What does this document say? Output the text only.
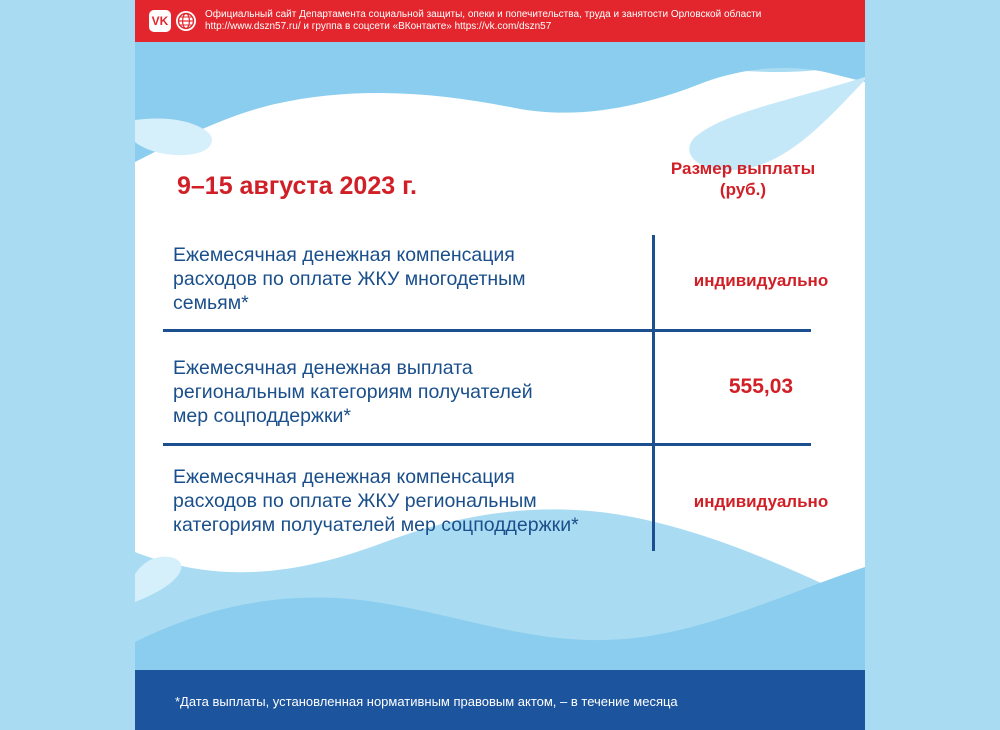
VK	Официальный сайт Департамента социальной защиты, опеки и попечительства, труда и занятости Орловской области
http://www.dszn57.ru/ и группа в соцсети «ВКонтакте» https://vk.com/dszn57
9–15 августа 2023 г.
Размер выплаты
(руб.)
Ежемесячная денежная компенсация
расходов по оплате ЖКУ многодетным
семьям*
индивидуально
Ежемесячная денежная выплата
региональным категориям получателей
мер соцподдержки*
555,03
Ежемесячная денежная компенсация
расходов по оплате ЖКУ региональным
категориям получателей мер соцподдержки*
индивидуально
*Дата выплаты, установленная нормативным правовым актом, – в течение месяца
